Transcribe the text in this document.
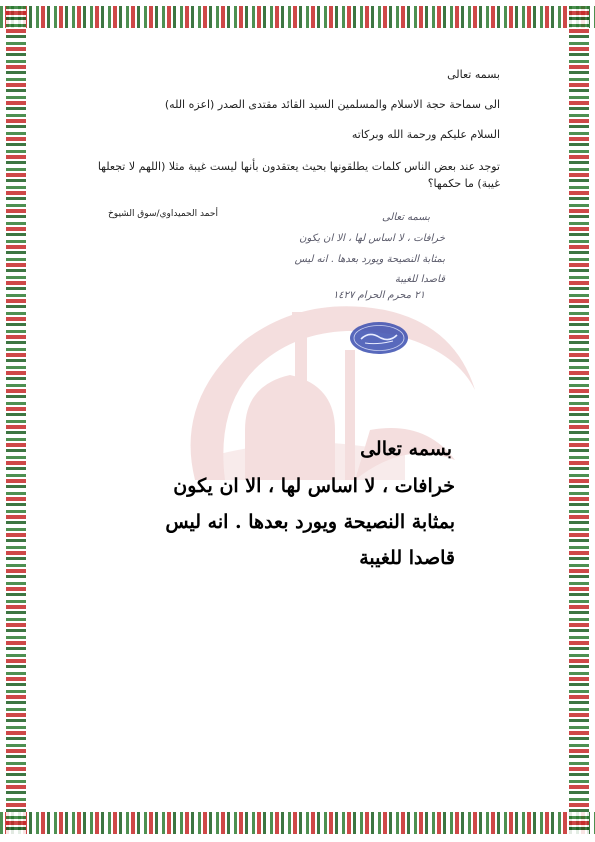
بسمه تعالى
الى سماحة حجة الاسلام والمسلمين السيد القائد مقتدى الصدر (اعزه الله)
السلام عليكم ورحمة الله وبركاته
توجد عند بعض الناس كلمات يطلقونها بحيث يعتقدون بأنها ليست غيبة مثلا (اللهم لا تجعلها غيبة) ما حكمها؟
أحمد الحميداوي/سوق الشيوخ	بسمه تعالى
خرافات ، لا اساس لها ، الا ان يكون
بمثابة النصيحة ويورد بعدها . انه ليس
قاصدا للغيبة
٢١ محرم الحرام ١٤٢٧
بسمه تعالى
خرافات ، لا اساس لها ، الا ان يكون
بمثابة النصيحة ويورد بعدها . انه ليس
قاصدا للغيبة
